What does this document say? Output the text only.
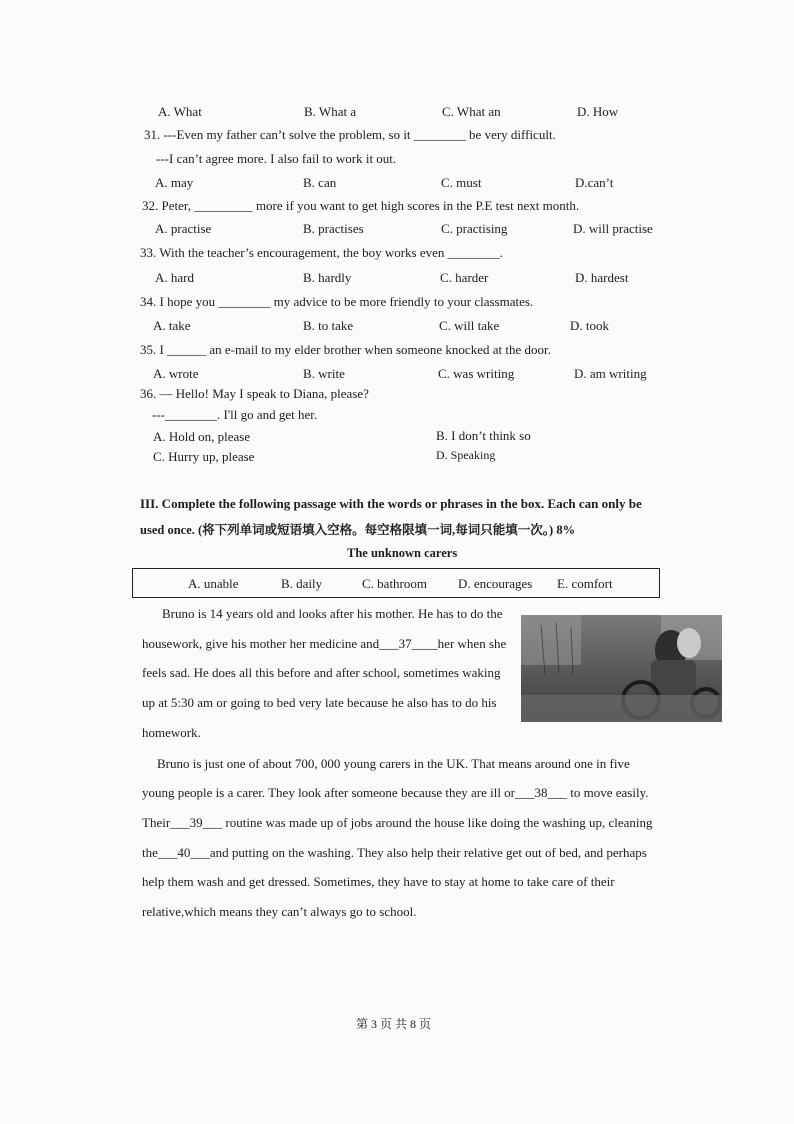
A. What	B. What a	C. What an	D. How
31. ---Even my father can’t solve the problem, so it ________ be very difficult.
---I can’t agree more. I also fail to work it out.
A. may	B. can	C. must	D.can’t
32. Peter, _________ more if you want to get high scores in the P.E test next month.
A. practise	B. practises	C. practising	D. will practise
33. With the teacher’s encouragement, the boy works even ________.
A. hard	B. hardly	C. harder	D. hardest
34. I hope you ________ my advice to be more friendly to your classmates.
A. take	B. to take	C. will take	D. took
35. I ______ an e-mail to my elder brother when someone knocked at the door.
A. wrote	B. write	C. was writing	D. am writing
36. — Hello! May I speak to Diana, please?
---________. I'll go and get her.
A. Hold on, please	B. I don’t think so
C. Hurry up, please	D. Speaking
III. Complete the following passage with the words or phrases in the box. Each can only be
used once. (将下列单词或短语填入空格。每空格限填一词,每词只能填一次。) 8%
The unknown carers
A. unable	B. daily	C. bathroom D. encourages E. comfort
Bruno is 14 years old and looks after his mother. He has to do the
housework, give his mother her medicine and___37____her when she
feels sad. He does all this before and after school, sometimes waking
up at 5:30 am or going to bed very late because he also has to do his
homework.
Bruno is just one of about 700, 000 young carers in the UK. That means around one in five
young people is a carer. They look after someone because they are ill or___38___ to move easily.
Their___39___ routine was made up of jobs around the house like doing the washing up, cleaning
the___40___and putting on the washing. They also help their relative get out of bed, and perhaps
help them wash and get dressed. Sometimes, they have to stay at home to take care of their
relative,which means they can’t always go to school.
第 3 页 共 8 页
